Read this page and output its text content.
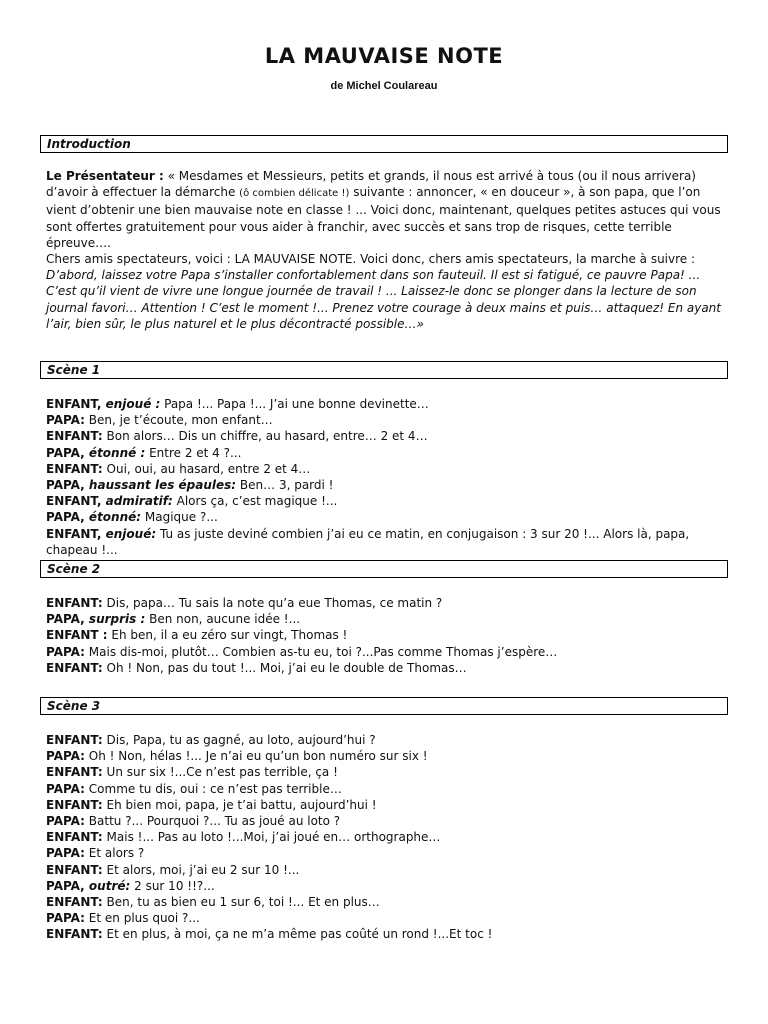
LA MAUVAISE NOTE
de Michel Coulareau
Introduction

Le Présentateur : « Mesdames et Messieurs, petits et grands, il nous est arrivé à tous (ou il nous arrivera) d’avoir à effectuer la démarche (ô combien délicate !) suivante : annoncer, « en douceur », à son papa, que l’on vient d’obtenir une bien mauvaise note en classe ! ... Voici donc, maintenant, quelques petites astuces qui vous sont offertes gratuitement pour vous aider à franchir, avec succès et sans trop de risques, cette terrible épreuve….

Chers amis spectateurs, voici : LA MAUVAISE NOTE. Voici donc, chers amis spectateurs, la marche à suivre :

D’abord, laissez votre Papa s’installer confortablement dans son fauteuil. Il est si fatigué, ce pauvre Papa! ... C’est qu’il vient de vivre une longue journée de travail ! ... Laissez-le donc se plonger dans la lecture de son journal favori… Attention ! C’est le moment !... Prenez votre courage à deux mains et puis… attaquez! En ayant l’air, bien sûr, le plus naturel et le plus décontracté possible…»

Scène 1

ENFANT, enjoué : Papa !... Papa !... J’ai une bonne devinette…

PAPA: Ben, je t’écoute, mon enfant…

ENFANT: Bon alors… Dis un chiffre, au hasard, entre… 2 et 4…

PAPA, étonné : Entre 2 et 4 ?...

ENFANT: Oui, oui, au hasard, entre 2 et 4…

PAPA, haussant les épaules: Ben… 3, pardi !

ENFANT, admiratif: Alors ça, c’est magique !...

PAPA, étonné: Magique ?...

ENFANT, enjoué: Tu as juste deviné combien j’ai eu ce matin, en conjugaison : 3 sur 20 !... Alors là, papa, chapeau !...

Scène 2

ENFANT: Dis, papa… Tu sais la note qu’a eue Thomas, ce matin ?

PAPA, surpris : Ben non, aucune idée !...

ENFANT : Eh ben, il a eu zéro sur vingt, Thomas !

PAPA: Mais dis-moi, plutôt… Combien as-tu eu, toi ?...Pas comme Thomas j’espère…

ENFANT: Oh ! Non, pas du tout !... Moi, j’ai eu le double de Thomas…

Scène 3

ENFANT: Dis, Papa, tu as gagné, au loto, aujourd’hui ?

PAPA: Oh ! Non, hélas !... Je n’ai eu qu’un bon numéro sur six !

ENFANT: Un sur six !...Ce n’est pas terrible, ça !

PAPA: Comme tu dis, oui : ce n’est pas terrible…

ENFANT: Eh bien moi, papa, je t’ai battu, aujourd’hui !

PAPA: Battu ?... Pourquoi ?... Tu as joué au loto ?

ENFANT: Mais !... Pas au loto !...Moi, j’ai joué en… orthographe…

PAPA: Et alors ?

ENFANT: Et alors, moi, j’ai eu 2 sur 10 !...

PAPA, outré: 2 sur 10 !!?...

ENFANT: Ben, tu as bien eu 1 sur 6, toi !... Et en plus…

PAPA: Et en plus quoi ?...

ENFANT: Et en plus, à moi, ça ne m’a même pas coûté un rond !...Et toc !
